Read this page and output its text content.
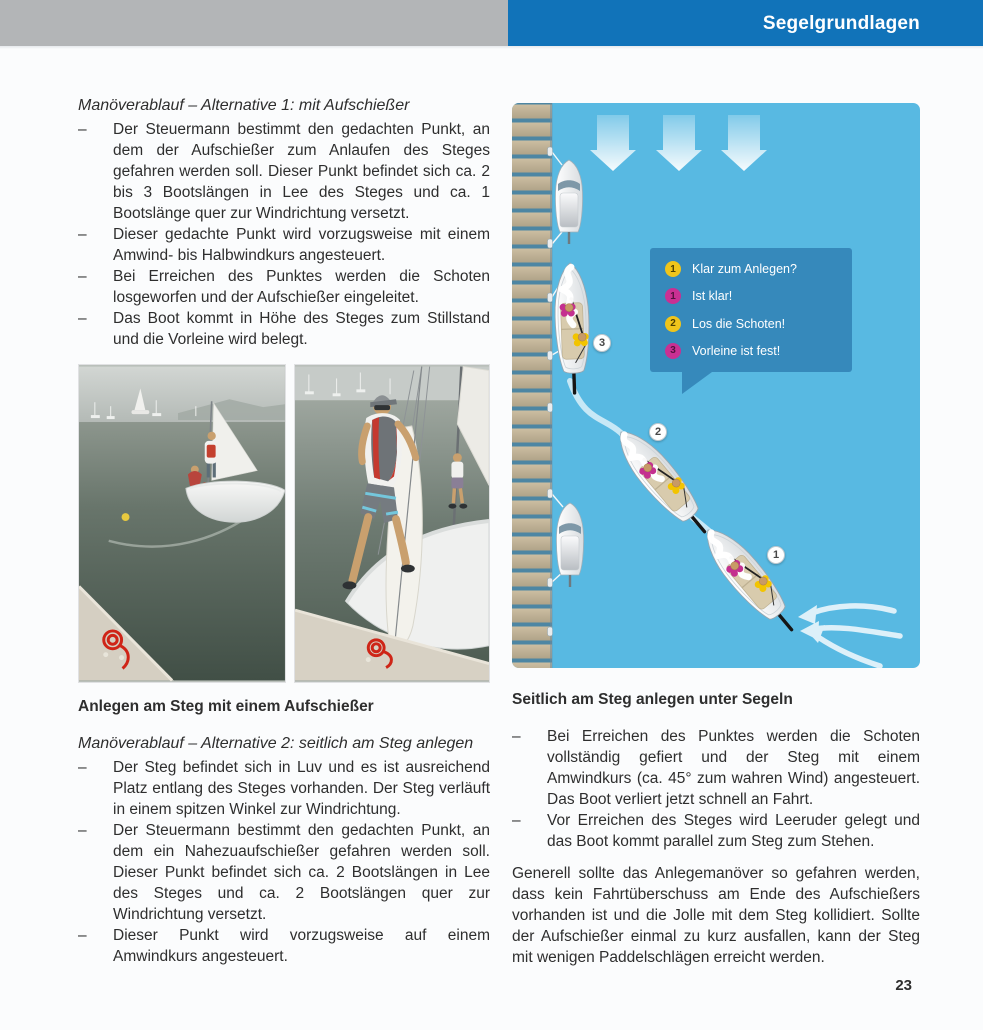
Segelgrundlagen

Manöverablauf – Alternative 1: mit Aufschießer

–	Der Steuermann bestimmt den gedachten Punkt, an dem der Aufschießer zum Anlaufen des Steges gefahren werden soll. Dieser Punkt befindet sich ca. 2 bis 3 Bootslängen in Lee des Steges und ca. 1 Bootslänge quer zur Windrichtung versetzt.
–	Dieser gedachte Punkt wird vorzugsweise mit einem Amwind- bis Halbwindkurs angesteuert.
–	Bei Erreichen des Punktes werden die Schoten losgeworfen und der Aufschießer eingeleitet.
–	Das Boot kommt in Höhe des Steges zum Stillstand und die Vorleine wird belegt.

Anlegen am Steg mit einem Aufschießer

Manöverablauf – Alternative 2: seitlich am Steg anlegen

–	Der Steg befindet sich in Luv und es ist ausreichend Platz entlang des Steges vorhanden. Der Steg verläuft in einem spitzen Winkel zur Windrichtung.
–	Der Steuermann bestimmt den gedachten Punkt, an dem ein Nahezuaufschießer gefahren werden soll. Dieser Punkt befindet sich ca. 2 Bootslängen in Lee des Steges und ca. 2 Bootslängen quer zur Windrichtung versetzt.
–	Dieser Punkt wird vorzugsweise auf einem Amwindkurs angesteuert.
1	Klar zum Anlegen?
1	Ist klar!
2	Los die Schoten!
3	Vorleine ist fest!
3
2
1

Seitlich am Steg anlegen unter Segeln

–	Bei Erreichen des Punktes werden die Schoten vollständig gefiert und der Steg mit einem Amwindkurs (ca. 45° zum wahren Wind) angesteuert. Das Boot verliert jetzt schnell an Fahrt.
–	Vor Erreichen des Steges wird Leeruder gelegt und das Boot kommt parallel zum Steg zum Stehen.

Generell sollte das Anlegemanöver so gefahren werden, dass kein Fahrtüberschuss am Ende des Aufschießers vorhanden ist und die Jolle mit dem Steg kollidiert. Sollte der Aufschießer einmal zu kurz ausfallen, kann der Steg mit wenigen Paddelschlägen erreicht werden.

23
